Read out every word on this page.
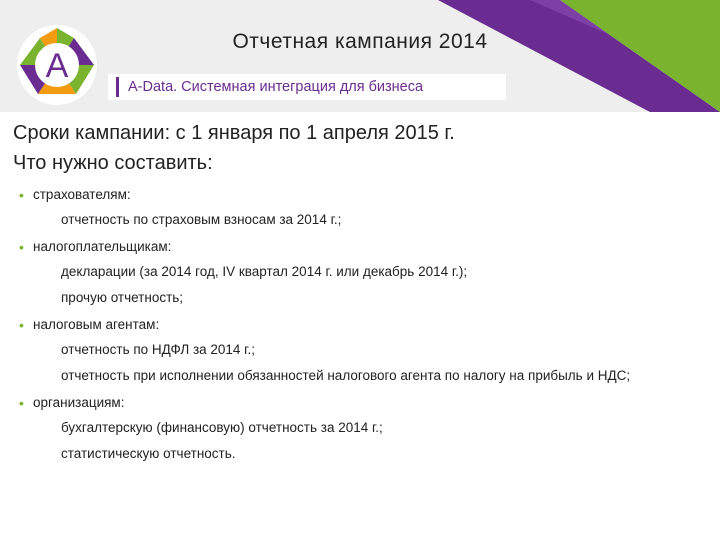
A
Отчетная кампания 2014
A-Data. Системная интеграция для бизнеса

Сроки кампании: с 1 января по 1 апреля 2015 г.

Что нужно составить:

• страхователям:
отчетность по страховым взносам за 2014 г.;
• налогоплательщикам:
декларации (за 2014 год, IV квартал 2014 г. или декабрь 2014 г.);
прочую отчетность;
• налоговым агентам:
отчетность по НДФЛ за 2014 г.;
отчетность при исполнении обязанностей налогового агента по налогу на прибыль и НДС;
• организациям:
бухгалтерскую (финансовую) отчетность за 2014 г.;
статистическую отчетность.
